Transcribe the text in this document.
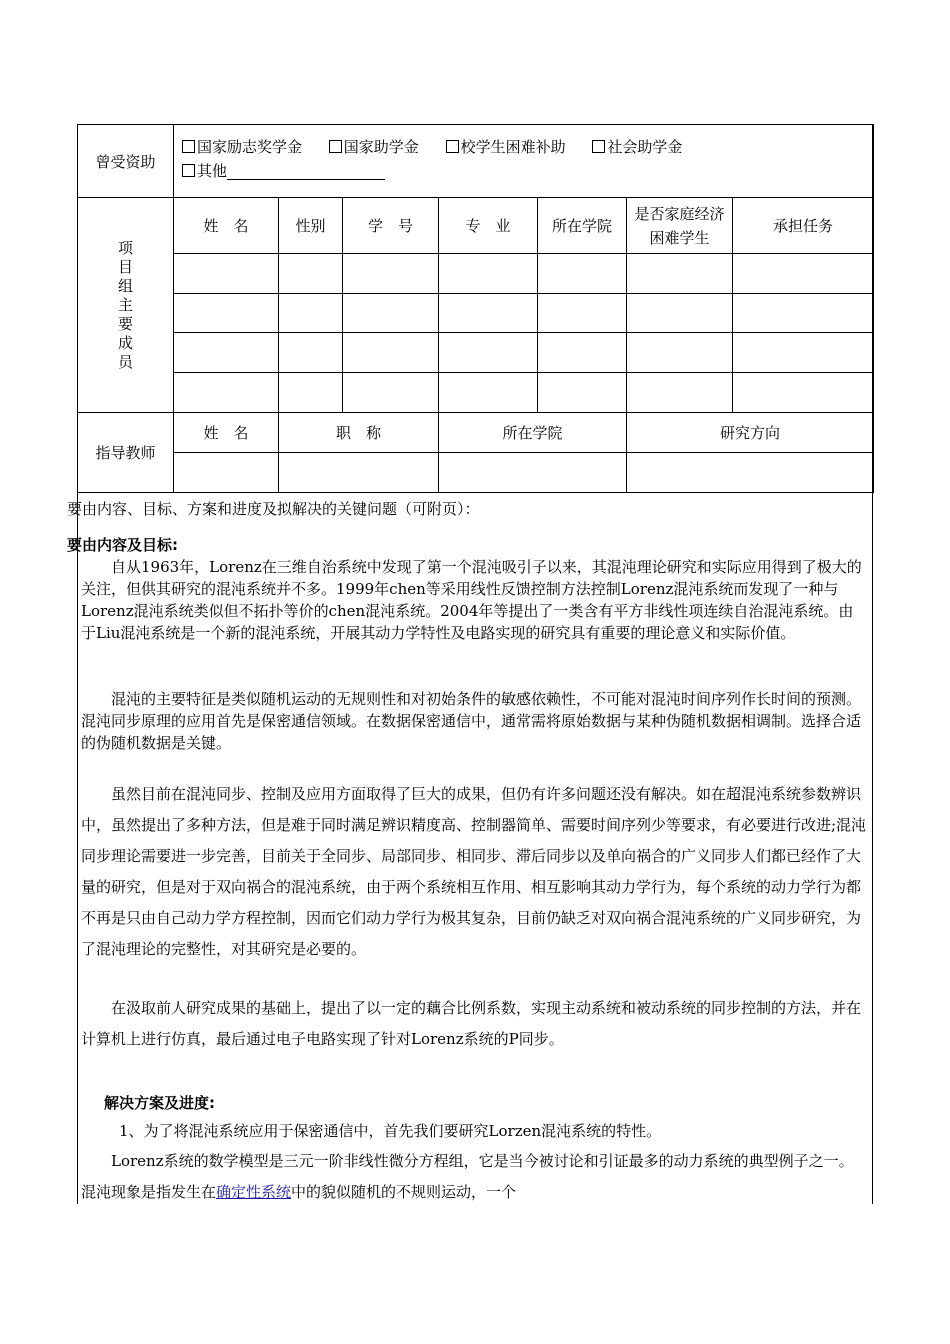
曾受资助	国家励志奖学金 国家助学金 校学生困难补助 社会助学金
其他						

项目组主要成员	姓　名	性别	学　号	专　业	所在学院	是否家庭经济困难学生	承担任务

指导教师	姓　名	职　称		所在学院		研究方向	

要由内容、目标、方案和进度及拟解决的关键问题（可附页）：
要由内容及目标:
自从1963年，Lorenz在三维自治系统中发现了第一个混沌吸引子以来，其混沌理论研究和实际应用得到了极大的关注，但供其研究的混沌系统并不多。1999年chen等采用线性反馈控制方法控制Lorenz混沌系统而发现了一种与Lorenz混沌系统类似但不拓扑等价的chen混沌系统。2004年等提出了一类含有平方非线性项连续自治混沌系统。由于Liu混沌系统是一个新的混沌系统，开展其动力学特性及电路实现的研究具有重要的理论意义和实际价值。
混沌的主要特征是类似随机运动的无规则性和对初始条件的敏感依赖性，不可能对混沌时间序列作长时间的预测。混沌同步原理的应用首先是保密通信领域。在数据保密通信中，通常需将原始数据与某种伪随机数据相调制。选择合适的伪随机数据是关键。
虽然目前在混沌同步、控制及应用方面取得了巨大的成果，但仍有许多问题还没有解决。如在超混沌系统参数辨识中，虽然提出了多种方法，但是难于同时满足辨识精度高、控制器简单、需要时间序列少等要求，有必要进行改进;混沌同步理论需要进一步完善，目前关于全同步、局部同步、相同步、滞后同步以及单向祸合的广义同步人们都已经作了大量的研究，但是对于双向祸合的混沌系统，由于两个系统相互作用、相互影响其动力学行为，每个系统的动力学行为都不再是只由自己动力学方程控制，因而它们动力学行为极其复杂，目前仍缺乏对双向祸合混沌系统的广义同步研究，为了混沌理论的完整性，对其研究是必要的。
在汲取前人研究成果的基础上，提出了以一定的藕合比例系数，实现主动系统和被动系统的同步控制的方法，并在计算机上进行仿真，最后通过电子电路实现了针对Lorenz系统的P同步。
解决方案及进度:
1、为了将混沌系统应用于保密通信中，首先我们要研究Lorzen混沌系统的特性。
Lorenz系统的数学模型是三元一阶非线性微分方程组，它是当今被讨论和引证最多的动力系统的典型例子之一。混沌现象是指发生在确定性系统中的貌似随机的不规则运动，一个
